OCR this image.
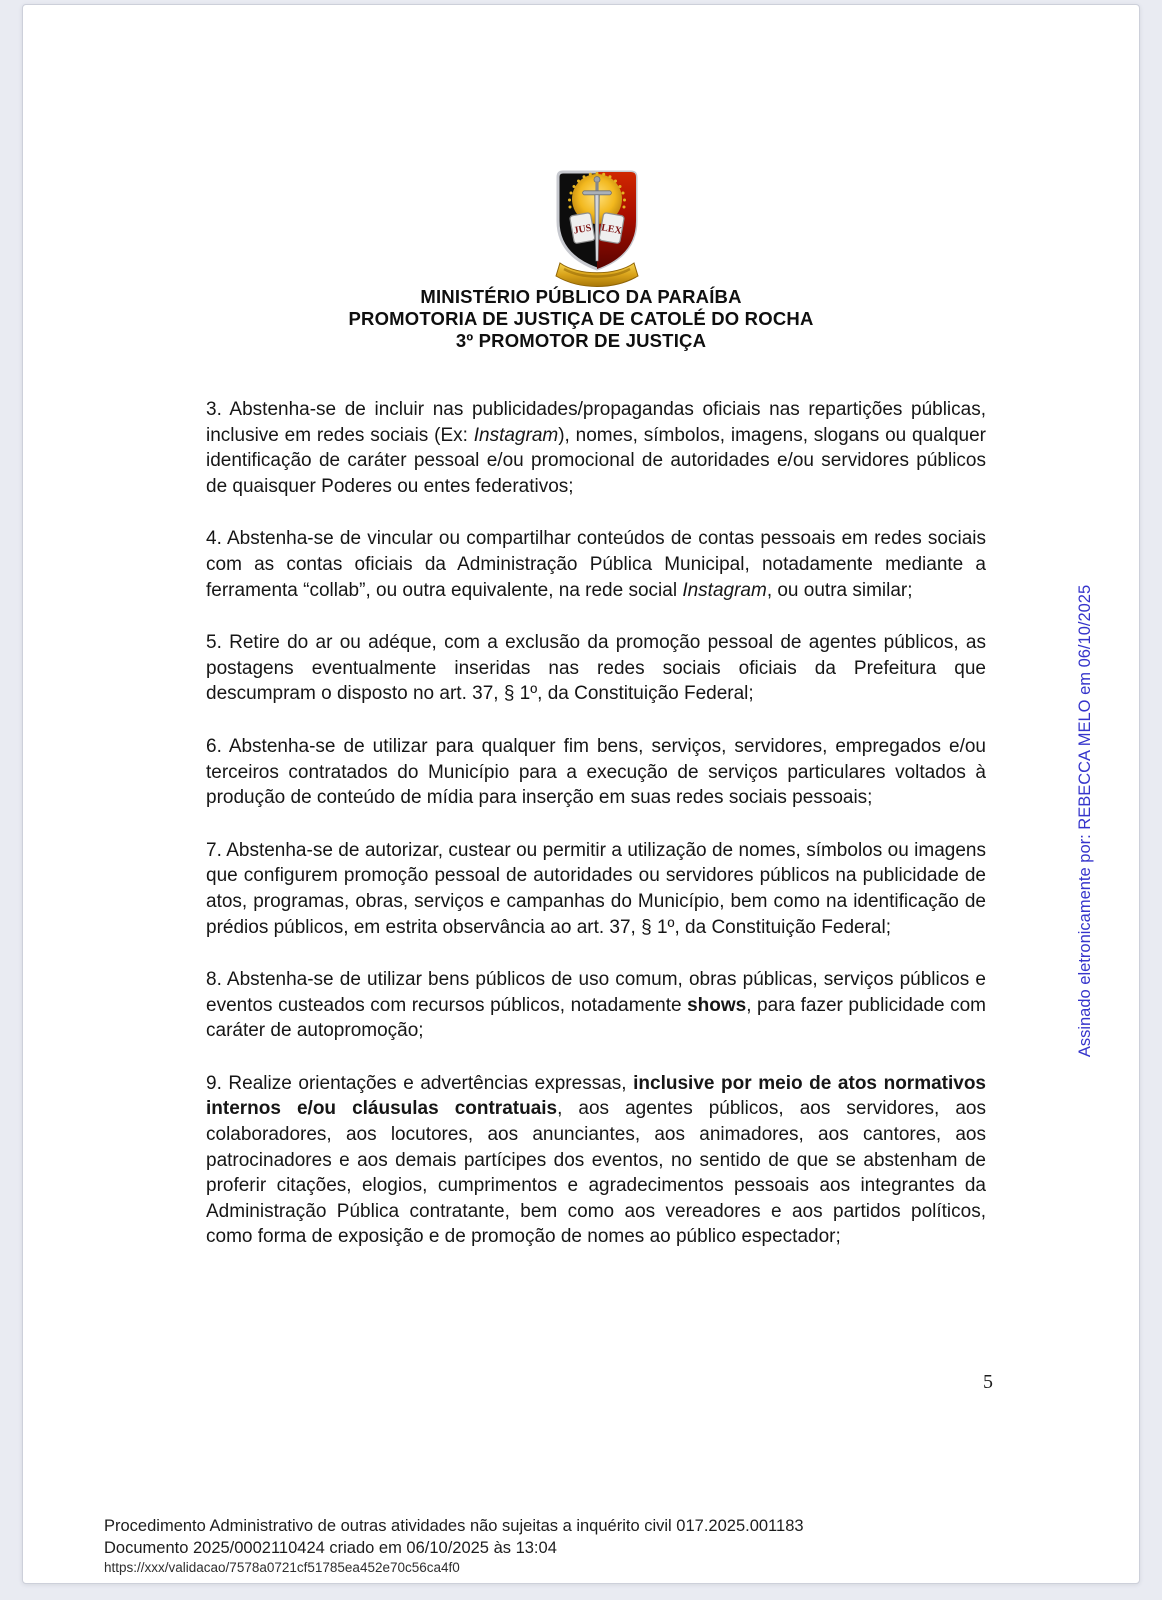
JUS LEX
MINISTÉRIO PÚBLICO DA PARAÍBA
PROMOTORIA DE JUSTIÇA DE CATOLÉ DO ROCHA
3º PROMOTOR DE JUSTIÇA

3. Abstenha-se de incluir nas publicidades/propagandas oficiais nas repartições públicas, inclusive em redes sociais (Ex: Instagram), nomes, símbolos, imagens, slogans ou qualquer identificação de caráter pessoal e/ou promocional de autoridades e/ou servidores públicos de quaisquer Poderes ou entes federativos;

4. Abstenha-se de vincular ou compartilhar conteúdos de contas pessoais em redes sociais com as contas oficiais da Administração Pública Municipal, notadamente mediante a ferramenta “collab”, ou outra equivalente, na rede social Instagram, ou outra similar;

5. Retire do ar ou adéque, com a exclusão da promoção pessoal de agentes públicos, as postagens eventualmente inseridas nas redes sociais oficiais da Prefeitura que descumpram o disposto no art. 37, § 1º, da Constituição Federal;

6. Abstenha-se de utilizar para qualquer fim bens, serviços, servidores, empregados e/ou terceiros contratados do Município para a execução de serviços particulares voltados à produção de conteúdo de mídia para inserção em suas redes sociais pessoais;

7. Abstenha-se de autorizar, custear ou permitir a utilização de nomes, símbolos ou imagens que configurem promoção pessoal de autoridades ou servidores públicos na publicidade de atos, programas, obras, serviços e campanhas do Município, bem como na identificação de prédios públicos, em estrita observância ao art. 37, § 1º, da Constituição Federal;

8. Abstenha-se de utilizar bens públicos de uso comum, obras públicas, serviços públicos e eventos custeados com recursos públicos, notadamente shows, para fazer publicidade com caráter de autopromoção;

9. Realize orientações e advertências expressas, inclusive por meio de atos normativos internos e/ou cláusulas contratuais, aos agentes públicos, aos servidores, aos colaboradores, aos locutores, aos anunciantes, aos animadores, aos cantores, aos patrocinadores e aos demais partícipes dos eventos, no sentido de que se abstenham de proferir citações, elogios, cumprimentos e agradecimentos pessoais aos integrantes da Administração Pública contratante, bem como aos vereadores e aos partidos políticos, como forma de exposição e de promoção de nomes ao público espectador;

Assinado eletronicamente por: REBECCA MELO em 06/10/2025
5
Procedimento Administrativo de outras atividades não sujeitas a inquérito civil 017.2025.001183
Documento 2025/0002110424 criado em 06/10/2025 às 13:04
https://xxx/validacao/7578a0721cf51785ea452e70c56ca4f0
